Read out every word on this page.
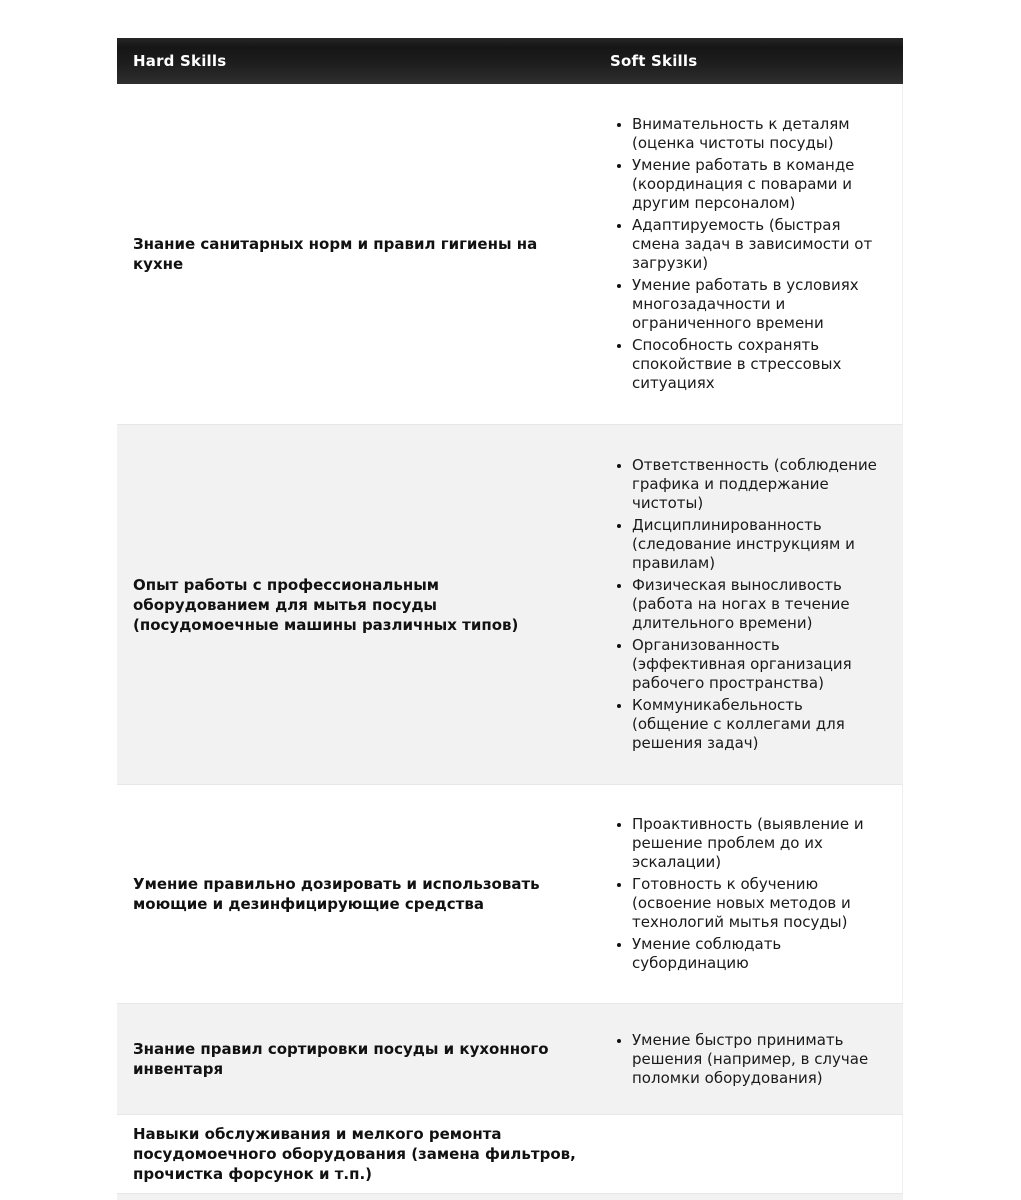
Hard Skills	Soft Skills

Знание санитарных норм и правил гигиены на кухне

• Внимательность к деталям (оценка чистоты посуды)
• Умение работать в команде (координация с поварами и другим персоналом)
• Адаптируемость (быстрая смена задач в зависимости от загрузки)
• Умение работать в условиях многозадачности и ограниченного времени
• Способность сохранять спокойствие в стрессовых ситуациях

Опыт работы с профессиональным оборудованием для мытья посуды (посудомоечные машины различных типов)

• Ответственность (соблюдение графика и поддержание чистоты)
• Дисциплинированность (следование инструкциям и правилам)
• Физическая выносливость (работа на ногах в течение длительного времени)
• Организованность (эффективная организация рабочего пространства)
• Коммуникабельность (общение с коллегами для решения задач)

Умение правильно дозировать и использовать моющие и дезинфицирующие средства

• Проактивность (выявление и решение проблем до их эскалации)
• Готовность к обучению (освоение новых методов и технологий мытья посуды)
• Умение соблюдать субординацию

Знание правил сортировки посуды и кухонного инвентаря

• Умение быстро принимать решения (например, в случае поломки оборудования)

Навыки обслуживания и мелкого ремонта посудомоечного оборудования (замена фильтров, прочистка форсунок и т.п.)
